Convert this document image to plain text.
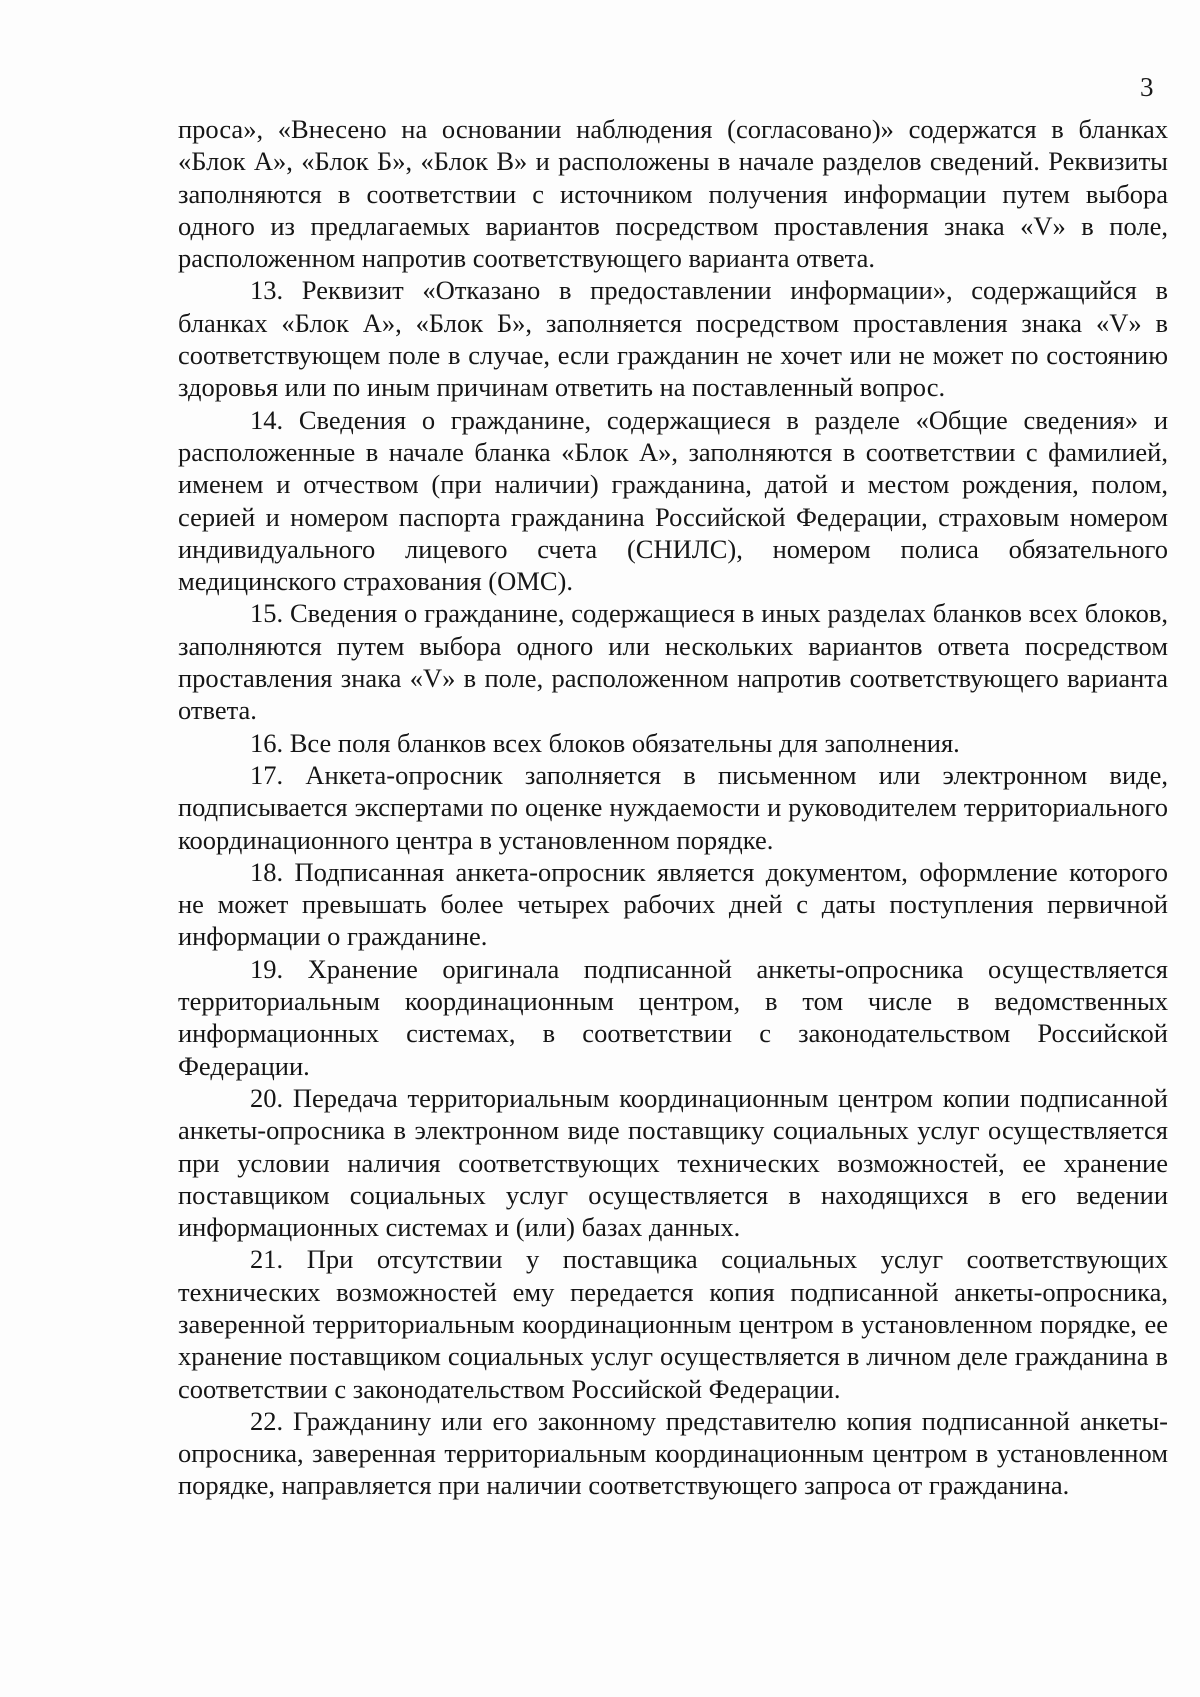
3

проса», «Внесено на основании наблюдения (согласовано)» содержатся в бланках «Блок А», «Блок Б», «Блок В» и расположены в начале разделов сведений. Реквизиты заполняются в соответствии с источником получения информации путем выбора одного из предлагаемых вариантов посредством проставления знака «V» в поле, расположенном напротив соответствующего варианта ответа.

13. Реквизит «Отказано в предоставлении информации», содержащийся в бланках «Блок А», «Блок Б», заполняется посредством проставления знака «V» в соответствующем поле в случае, если гражданин не хочет или не может по состоянию здоровья или по иным причинам ответить на поставленный вопрос.

14. Сведения о гражданине, содержащиеся в разделе «Общие сведения» и расположенные в начале бланка «Блок А», заполняются в соответствии с фамилией, именем и отчеством (при наличии) гражданина, датой и местом рождения, полом, серией и номером паспорта гражданина Российской Федерации, страховым номером индивидуального лицевого счета (СНИЛС), номером полиса обязательного медицинского страхования (ОМС).

15. Сведения о гражданине, содержащиеся в иных разделах бланков всех блоков, заполняются путем выбора одного или нескольких вариантов ответа посредством проставления знака «V» в поле, расположенном напротив соответствующего варианта ответа.

16. Все поля бланков всех блоков обязательны для заполнения.

17. Анкета-опросник заполняется в письменном или электронном виде, подписывается экспертами по оценке нуждаемости и руководителем территориального координационного центра в установленном порядке.

18. Подписанная анкета-опросник является документом, оформление которого не может превышать более четырех рабочих дней с даты поступления первичной информации о гражданине.

19. Хранение оригинала подписанной анкеты-опросника осуществляется территориальным координационным центром, в том числе в ведомственных информационных системах, в соответствии с законодательством Российской Федерации.

20. Передача территориальным координационным центром копии подписанной анкеты-опросника в электронном виде поставщику социальных услуг осуществляется при условии наличия соответствующих технических возможностей, ее хранение поставщиком социальных услуг осуществляется в находящихся в его ведении информационных системах и (или) базах данных.

21. При отсутствии у поставщика социальных услуг соответствующих технических возможностей ему передается копия подписанной анкеты-опросника, заверенной территориальным координационным центром в установленном порядке, ее хранение поставщиком социальных услуг осуществляется в личном деле гражданина в соответствии с законодательством Российской Федерации.

22. Гражданину или его законному представителю копия подписанной анкеты-опросника, заверенная территориальным координационным центром в установленном порядке, направляется при наличии соответствующего запроса от гражданина.
